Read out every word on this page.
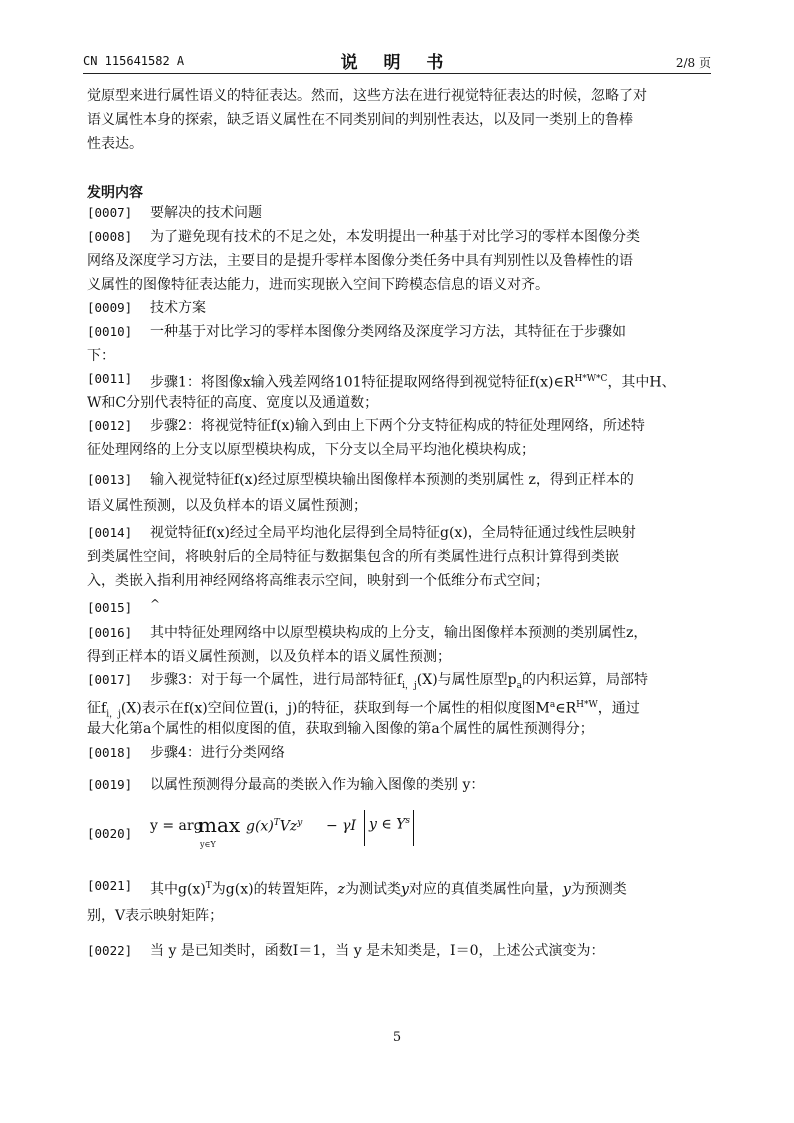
CN 115641582 A	说 明 书	2/8 页
觉原型来进行属性语义的特征表达。然而，这些方法在进行视觉特征表达的时候，忽略了对
语义属性本身的探索，缺乏语义属性在不同类别间的判别性表达，以及同一类别上的鲁棒
性表达。
发明内容
[0007] 要解决的技术问题
[0008] 为了避免现有技术的不足之处，本发明提出一种基于对比学习的零样本图像分类
网络及深度学习方法，主要目的是提升零样本图像分类任务中具有判别性以及鲁棒性的语
义属性的图像特征表达能力，进而实现嵌入空间下跨模态信息的语义对齐。
[0009] 技术方案
[0010] 一种基于对比学习的零样本图像分类网络及深度学习方法，其特征在于步骤如
下：
[0011] 步骤1：将图像x输入残差网络101特征提取网络得到视觉特征$f(x)\in R^{H*W*C}$，其中H、
W和C分别代表特征的高度、宽度以及通道数；
[0012] 步骤2：将视觉特征f(x)输入到由上下两个分支特征构成的特征处理网络，所述特
征处理网络的上分支以原型模块构成，下分支以全局平均池化模块构成；
[0013] 输入视觉特征f(x)经过原型模块输出图像样本预测的类别属性 z，得到正样本的
语义属性预测，以及负样本的语义属性预测；
[0014] 视觉特征f(x)经过全局平均池化层得到全局特征g(x)，全局特征通过线性层映射
到类属性空间，将映射后的全局特征与数据集包含的所有类属性进行点积计算得到类嵌
入，类嵌入指利用神经网络将高维表示空间，映射到一个低维分布式空间；
[0015] ^
[0016] 其中特征处理网络中以原型模块构成的上分支，输出图像样本预测的类别属性z，
得到正样本的语义属性预测，以及负样本的语义属性预测；
[0017] 步骤3：对于每一个属性，进行局部特征$f_{i,j}(X)$与属性原型$p_a$的内积运算，局部特
征$f_{i,j}(X)$表示在f(x)空间位置(i，j)的特征，获取到每一个属性的相似度图$M^a\in R^{H*W}$，通过
最大化第a个属性的相似度图的值，获取到输入图像的第a个属性的属性预测得分；
[0018] 步骤4：进行分类网络
[0019] 以属性预测得分最高的类嵌入作为输入图像的类别 y：
[0020] y = arg
max
y∈Y
$g(x)^TVz^y - \gamma I$ y ∈ $Y^s$
[0021] 其中$g(x)^T$为g(x)的转置矩阵，z为测试类y对应的真值类属性向量，y为预测类
别，V表示映射矩阵；
[0022] 当 y 是已知类时，函数I＝1，当 y 是未知类是，I＝0，上述公式演变为：
5
